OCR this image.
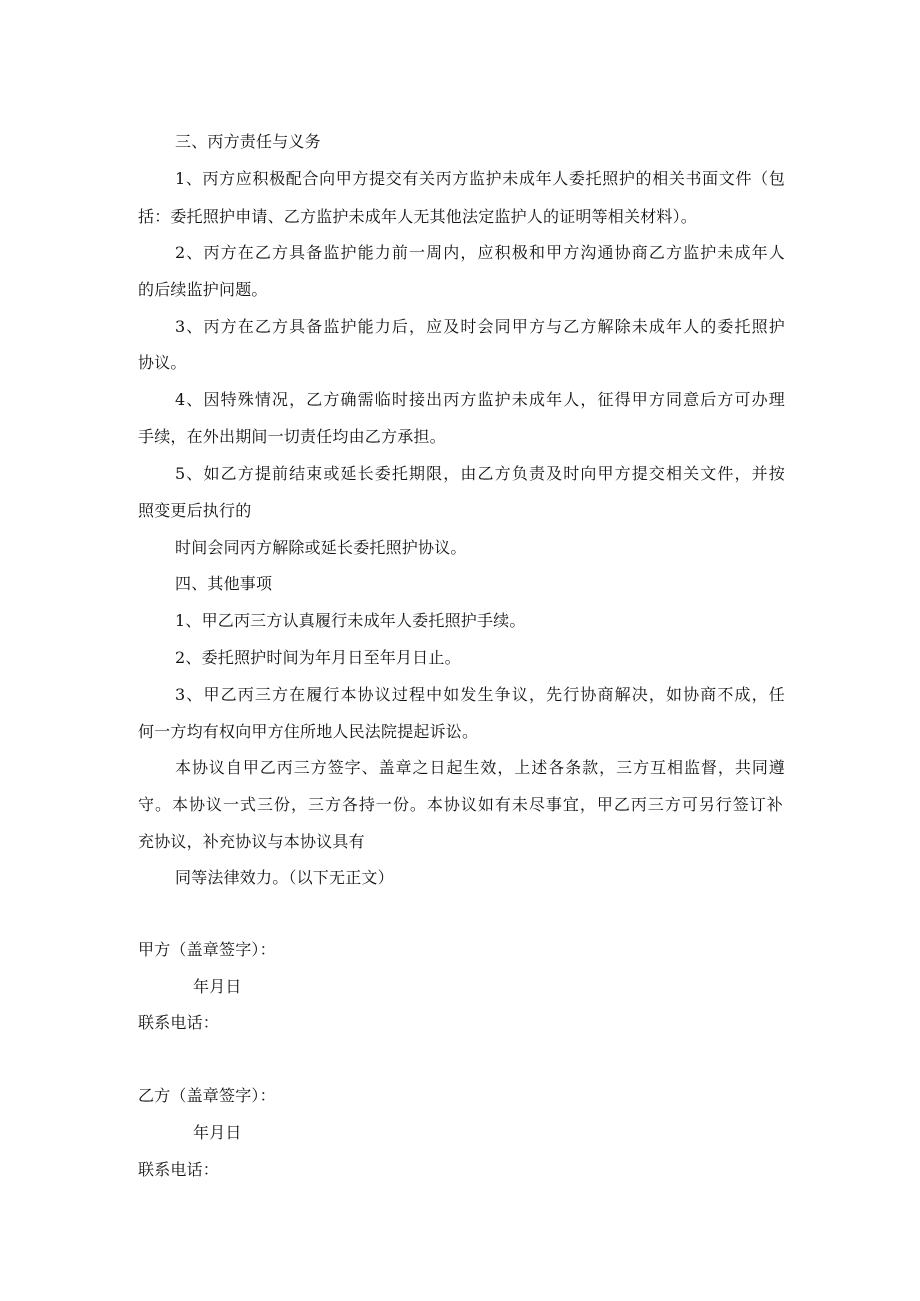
三、丙方责任与义务
1、丙方应积极配合向甲方提交有关丙方监护未成年人委托照护的相关书面文件（包
括：委托照护申请、乙方监护未成年人无其他法定监护人的证明等相关材料）。
2、丙方在乙方具备监护能力前一周内，应积极和甲方沟通协商乙方监护未成年人
的后续监护问题。
3、丙方在乙方具备监护能力后，应及时会同甲方与乙方解除未成年人的委托照护
协议。
4、因特殊情况，乙方确需临时接出丙方监护未成年人，征得甲方同意后方可办理
手续，在外出期间一切责任均由乙方承担。
5、如乙方提前结束或延长委托期限，由乙方负责及时向甲方提交相关文件，并按
照变更后执行的
时间会同丙方解除或延长委托照护协议。
四、其他事项
1、甲乙丙三方认真履行未成年人委托照护手续。
2、委托照护时间为年月日至年月日止。
3、甲乙丙三方在履行本协议过程中如发生争议，先行协商解决，如协商不成，任
何一方均有权向甲方住所地人民法院提起诉讼。
本协议自甲乙丙三方签字、盖章之日起生效，上述各条款，三方互相监督，共同遵
守。本协议一式三份，三方各持一份。本协议如有未尽事宜，甲乙丙三方可另行签订补
充协议，补充协议与本协议具有
同等法律效力。（以下无正文）
甲方（盖章签字）：
年月日
联系电话：
乙方（盖章签字）：
年月日
联系电话：
